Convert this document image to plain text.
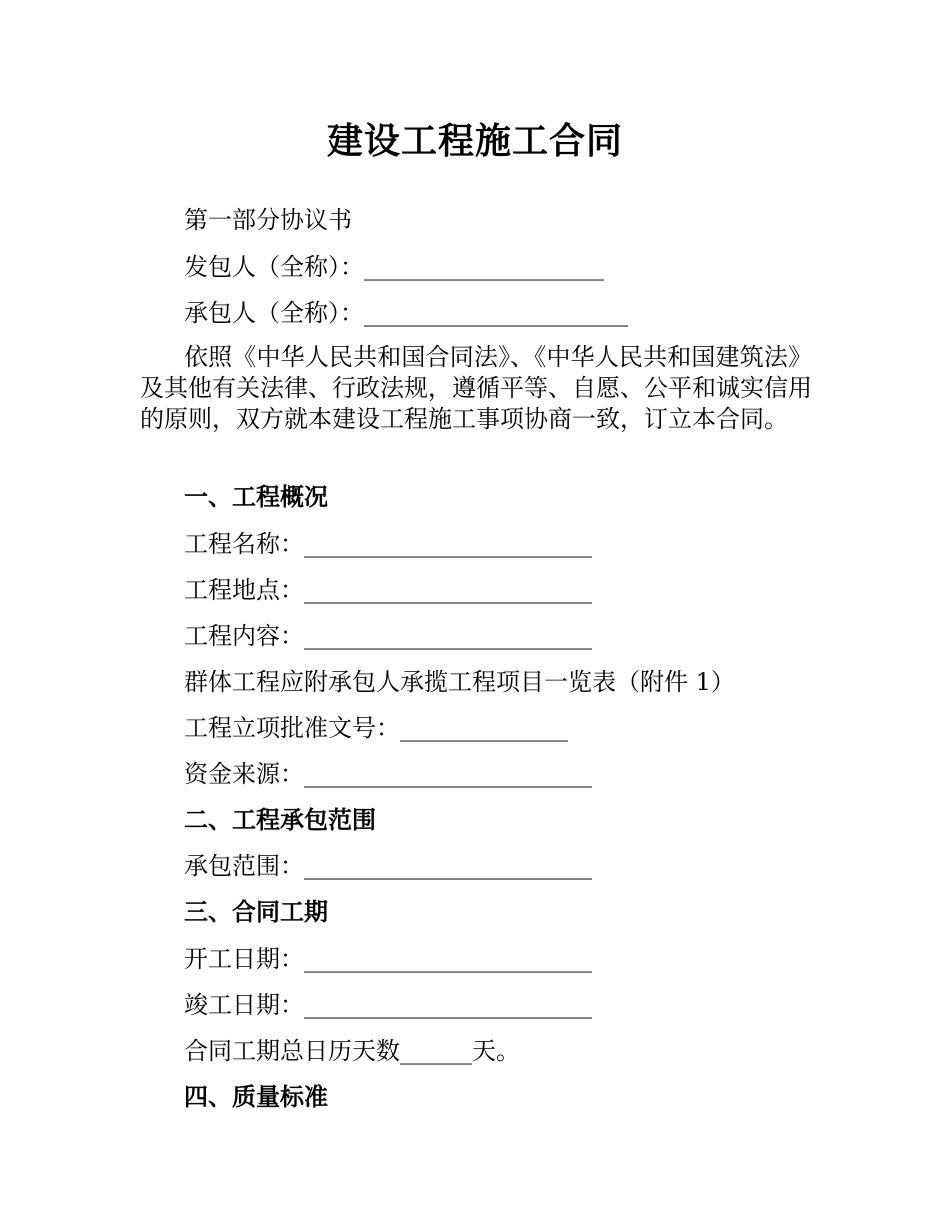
建设工程施工合同
第一部分协议书
发包人（全称）：____________________
承包人（全称）：______________________
依照《中华人民共和国合同法》、《中华人民共和国建筑法》及其他有关法律、行政法规，遵循平等、自愿、公平和诚实信用的原则，双方就本建设工程施工事项协商一致，订立本合同。
一、工程概况
工程名称：________________________
工程地点：________________________
工程内容：________________________
群体工程应附承包人承揽工程项目一览表（附件 1）
工程立项批准文号：______________
资金来源：________________________
二、工程承包范围
承包范围：________________________
三、合同工期
开工日期：________________________
竣工日期：________________________
合同工期总日历天数______天。
四、质量标准
